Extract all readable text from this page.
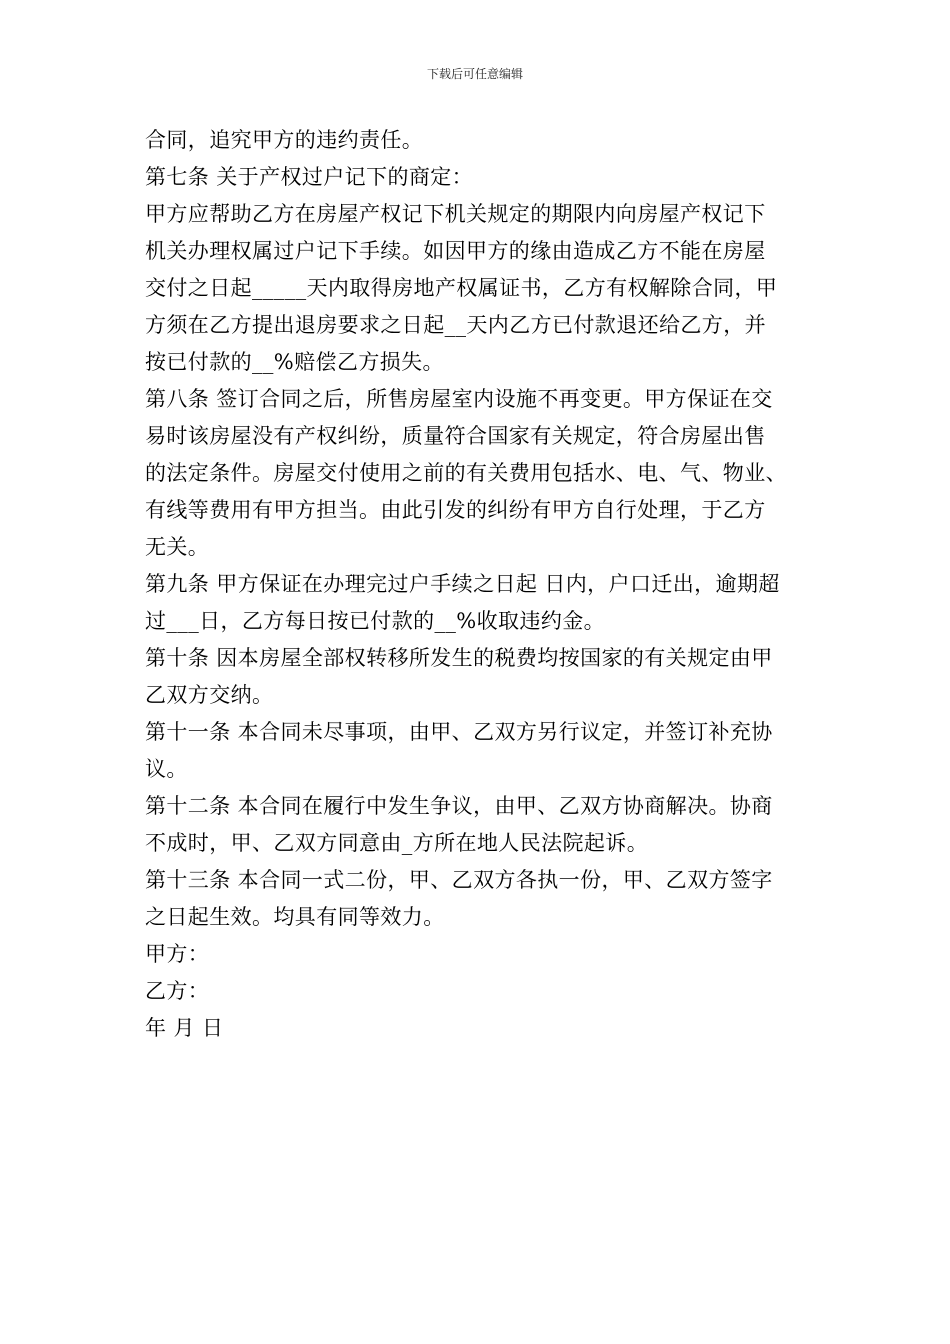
下载后可任意编辑
合同，追究甲方的违约责任。
第七条 关于产权过户记下的商定：
甲方应帮助乙方在房屋产权记下机关规定的期限内向房屋产权记下
机关办理权属过户记下手续。如因甲方的缘由造成乙方不能在房屋
交付之日起_____天内取得房地产权属证书，乙方有权解除合同，甲
方须在乙方提出退房要求之日起__天内乙方已付款退还给乙方，并
按已付款的__%赔偿乙方损失。
第八条 签订合同之后，所售房屋室内设施不再变更。甲方保证在交
易时该房屋没有产权纠纷，质量符合国家有关规定，符合房屋出售
的法定条件。房屋交付使用之前的有关费用包括水、电、气、物业、
有线等费用有甲方担当。由此引发的纠纷有甲方自行处理，于乙方
无关。
第九条 甲方保证在办理完过户手续之日起 日内，户口迁出，逾期超
过___日，乙方每日按已付款的__%收取违约金。
第十条 因本房屋全部权转移所发生的税费均按国家的有关规定由甲
乙双方交纳。
第十一条 本合同未尽事项，由甲、乙双方另行议定，并签订补充协
议。
第十二条 本合同在履行中发生争议，由甲、乙双方协商解决。协商
不成时，甲、乙双方同意由_方所在地人民法院起诉。
第十三条 本合同一式二份，甲、乙双方各执一份，甲、乙双方签字
之日起生效。均具有同等效力。
甲方：
乙方：
年 月 日
